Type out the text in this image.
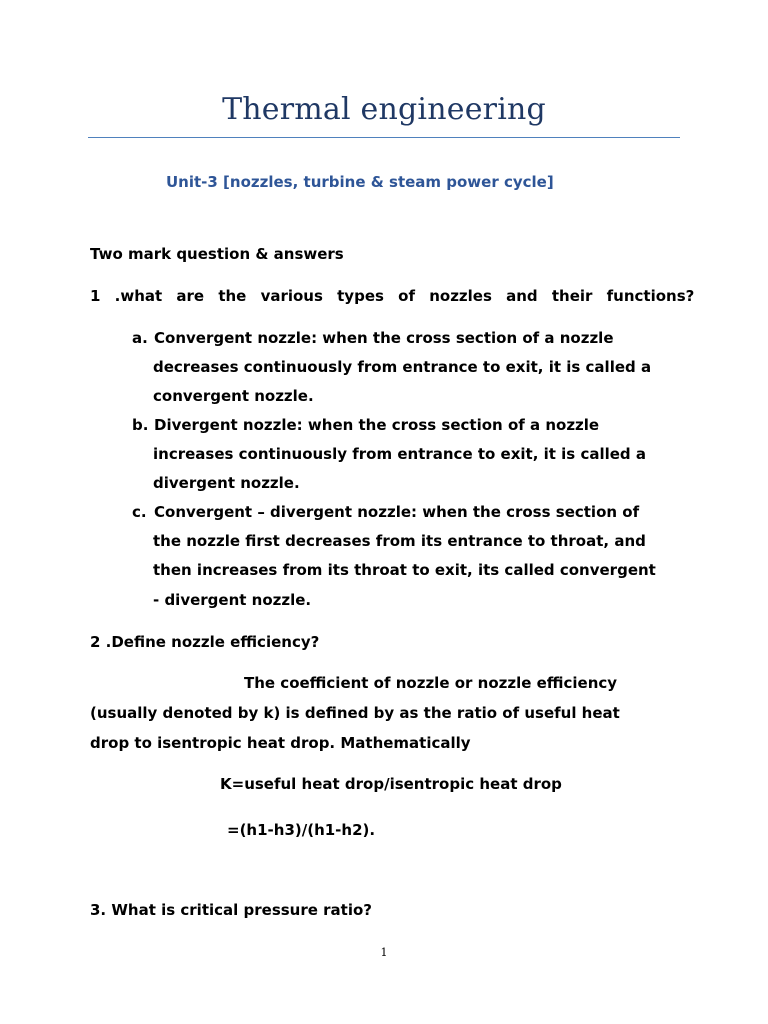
Thermal engineering
Unit-3 [nozzles, turbine & steam power cycle]
Two mark question & answers
1 .what are the various types of nozzles and their functions?
a. Convergent nozzle: when the cross section of a nozzle
decreases continuously from entrance to exit, it is called a
convergent nozzle.
b. Divergent nozzle: when the cross section of a nozzle
increases continuously from entrance to exit, it is called a
divergent nozzle.
c. Convergent – divergent nozzle: when the cross section of
the nozzle first decreases from its entrance to throat, and
then increases from its throat to exit, its called convergent
- divergent nozzle.
2 .Define nozzle efficiency?
The coefficient of nozzle or nozzle efficiency
(usually denoted by k) is defined by as the ratio of useful heat
drop to isentropic heat drop. Mathematically
K=useful heat drop/isentropic heat drop
=(h1-h3)/(h1-h2).
3. What is critical pressure ratio?
1
